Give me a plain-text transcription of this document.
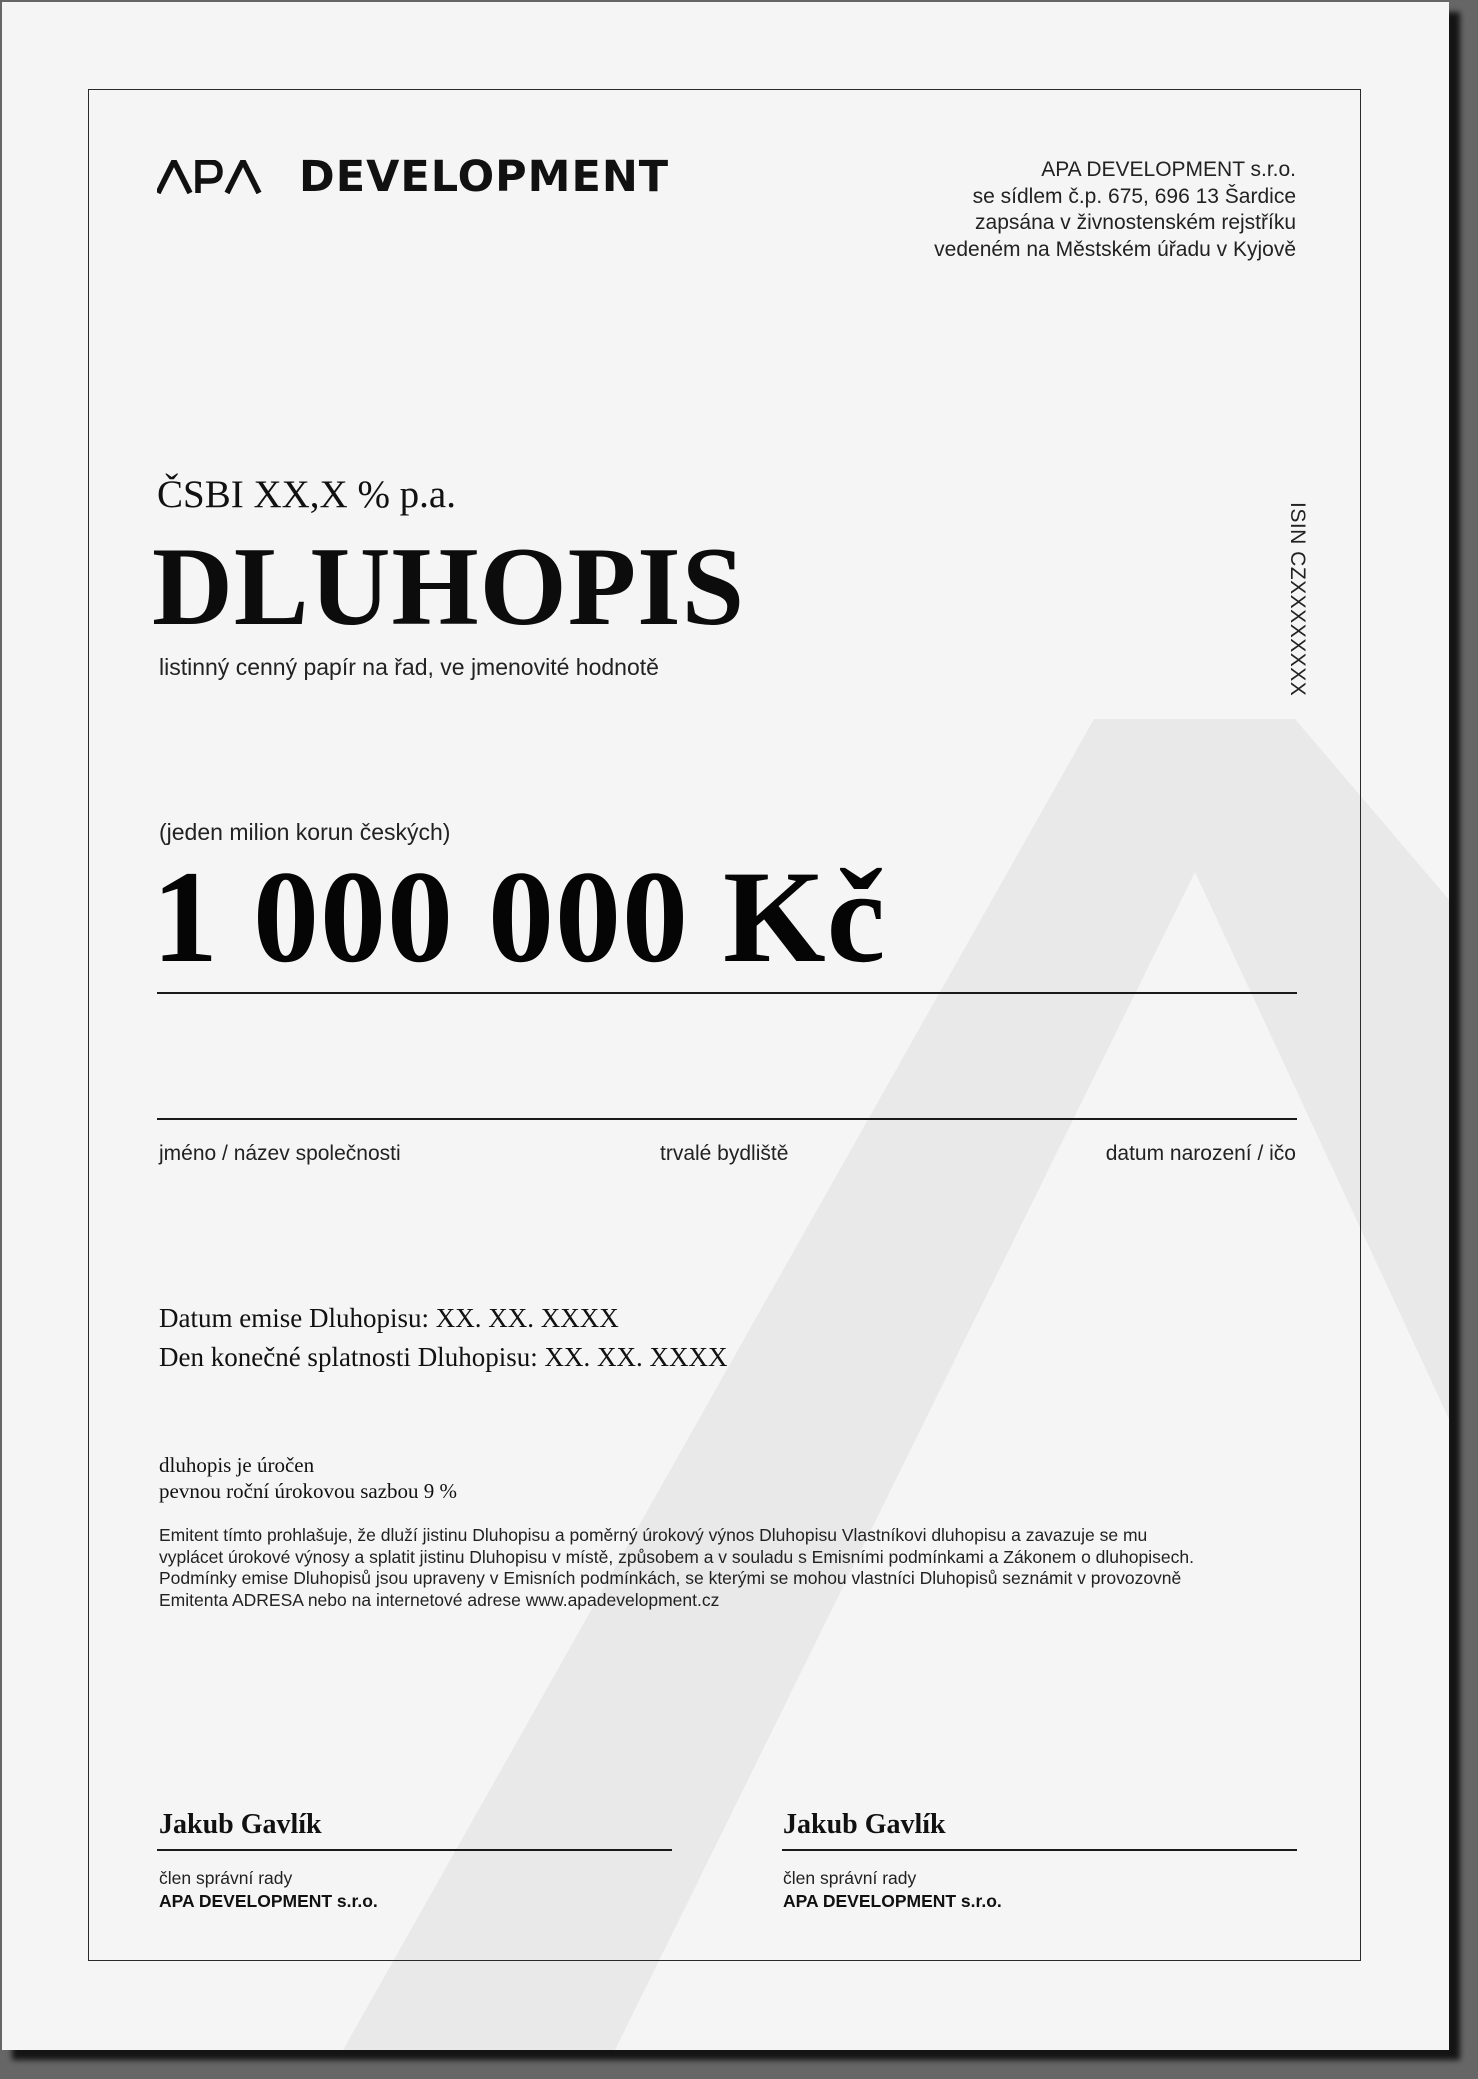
DEVELOPMENT	APA DEVELOPMENT s.r.o.
se sídlem č.p. 675, 696 13 Šardice
zapsána v živnostenském rejstříku
vedeném na Městském úřadu v Kyjově
ČSBI XX,X % p.a.
DLUHOPIS
listinný cenný papír na řad, ve jmenovité hodnotě	ISIN CZXXXXXXXX
(jeden milion korun českých)
1 000 000 Kč
jméno / název společnosti	trvalé bydliště	datum narození / ičo
Datum emise Dluhopisu: XX. XX. XXXX
Den konečné splatnosti Dluhopisu: XX. XX. XXXX
dluhopis je úročen
pevnou roční úrokovou sazbou 9 %
Emitent tímto prohlašuje, že dluží jistinu Dluhopisu a poměrný úrokový výnos Dluhopisu Vlastníkovi dluhopisu a zavazuje se mu
vyplácet úrokové výnosy a splatit jistinu Dluhopisu v místě, způsobem a v souladu s Emisními podmínkami a Zákonem o dluhopisech.
Podmínky emise Dluhopisů jsou upraveny v Emisních podmínkách, se kterými se mohou vlastníci Dluhopisů seznámit v provozovně
Emitenta ADRESA nebo na internetové adrese www.apadevelopment.cz
Jakub Gavlík
člen správní rady
APA DEVELOPMENT s.r.o.
Jakub Gavlík
člen správní rady
APA DEVELOPMENT s.r.o.
